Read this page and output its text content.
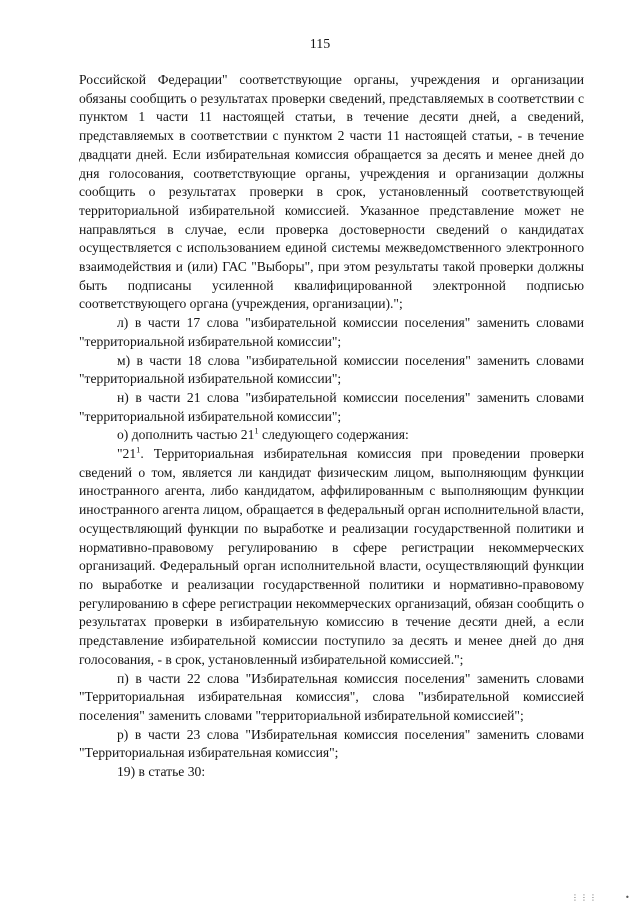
115

Российской Федерации" соответствующие органы, учреждения и организации обязаны сообщить о результатах проверки сведений, представляемых в соответствии с пунктом 1 части 11 настоящей статьи, в течение десяти дней, а сведений, представляемых в соответствии с пунктом 2 части 11 настоящей статьи, - в течение двадцати дней. Если избирательная комиссия обращается за десять и менее дней до дня голосования, соответствующие органы, учреждения и организации должны сообщить о результатах проверки в срок, установленный соответствующей территориальной избирательной комиссией. Указанное представление может не направляться в случае, если проверка достоверности сведений о кандидатах осуществляется с использованием единой системы межведомственного электронного взаимодействия и (или) ГАС "Выборы", при этом результаты такой проверки должны быть подписаны усиленной квалифицированной электронной подписью соответствующего органа (учреждения, организации).";

л) в части 17 слова "избирательной комиссии поселения" заменить словами "территориальной избирательной комиссии";

м) в части 18 слова "избирательной комиссии поселения" заменить словами "территориальной избирательной комиссии";

н) в части 21 слова "избирательной комиссии поселения" заменить словами "территориальной избирательной комиссии";

о) дополнить частью $21^1$ следующего содержания:

"$21^1$. Территориальная избирательная комиссия при проведении проверки сведений о том, является ли кандидат физическим лицом, выполняющим функции иностранного агента, либо кандидатом, аффилированным с выполняющим функции иностранного агента лицом, обращается в федеральный орган исполнительной власти, осуществляющий функции по выработке и реализации государственной политики и нормативно-правовому регулированию в сфере регистрации некоммерческих организаций. Федеральный орган исполнительной власти, осуществляющий функции по выработке и реализации государственной политики и нормативно-правовому регулированию в сфере регистрации некоммерческих организаций, обязан сообщить о результатах проверки в избирательную комиссию в течение десяти дней, а если представление избирательной комиссии поступило за десять и менее дней до дня голосования, - в срок, установленный избирательной комиссией.";

п) в части 22 слова "Избирательная комиссия поселения" заменить словами "Территориальная избирательная комиссия", слова "избирательной комиссией поселения" заменить словами "территориальной избирательной комиссией";

р) в части 23 слова "Избирательная комиссия поселения" заменить словами "Территориальная избирательная комиссия";

19) в статье 30:

⋮⋮⋮	•
